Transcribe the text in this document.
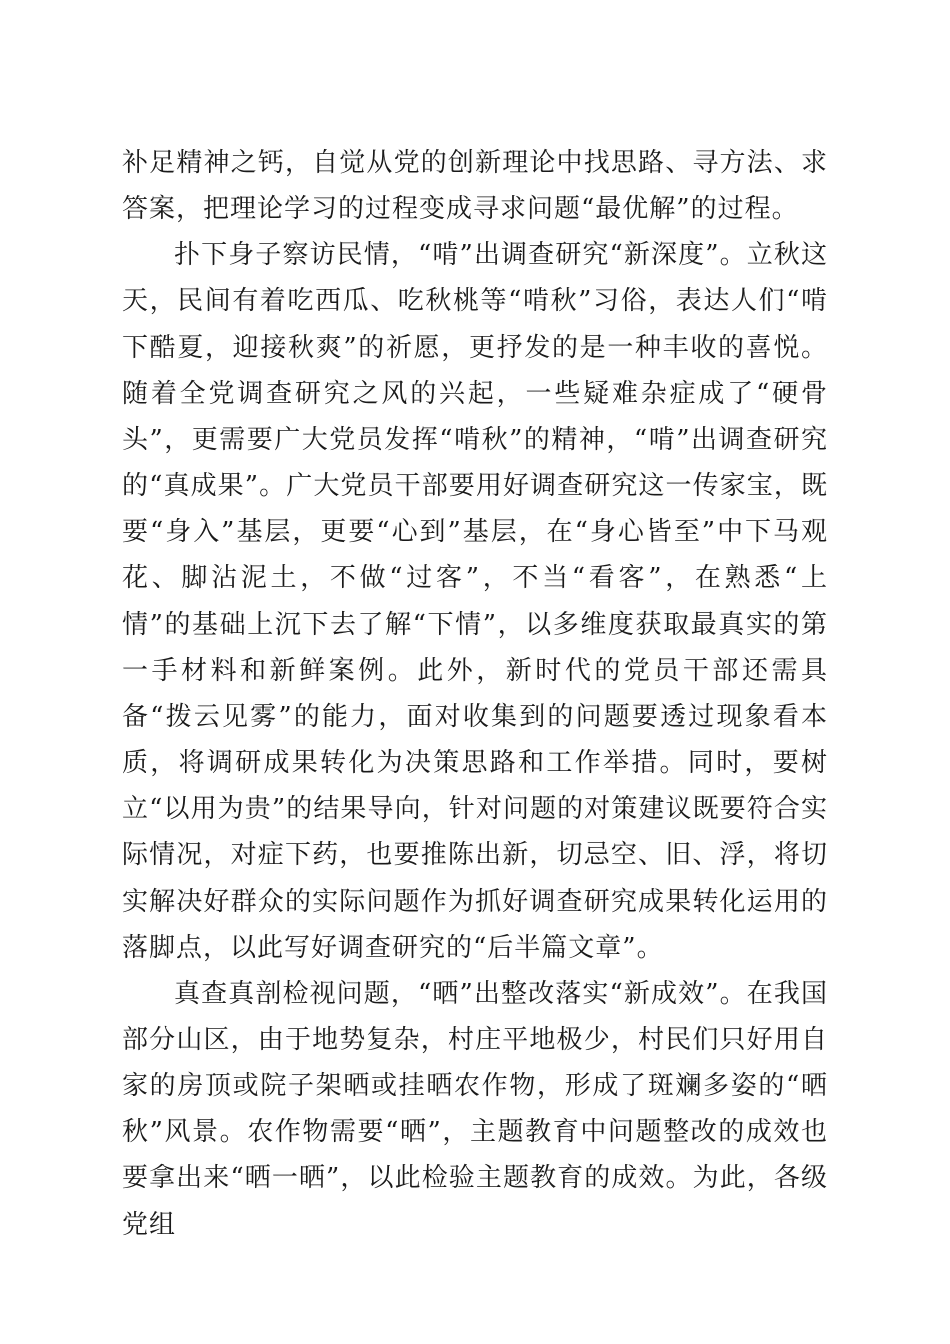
补足精神之钙，自觉从党的创新理论中找思路、寻方法、求答案，把理论学习的过程变成寻求问题“最优解”的过程。

扑下身子察访民情，“啃”出调查研究“新深度”。立秋这天，民间有着吃西瓜、吃秋桃等“啃秋”习俗，表达人们“啃下酷夏，迎接秋爽”的祈愿，更抒发的是一种丰收的喜悦。随着全党调查研究之风的兴起，一些疑难杂症成了“硬骨头”，更需要广大党员发挥“啃秋”的精神，“啃”出调查研究的“真成果”。广大党员干部要用好调查研究这一传家宝，既要“身入”基层，更要“心到”基层，在“身心皆至”中下马观花、脚沾泥土，不做“过客”，不当“看客”，在熟悉“上情”的基础上沉下去了解“下情”，以多维度获取最真实的第一手材料和新鲜案例。此外，新时代的党员干部还需具备“拨云见雾”的能力，面对收集到的问题要透过现象看本质，将调研成果转化为决策思路和工作举措。同时，要树立“以用为贵”的结果导向，针对问题的对策建议既要符合实际情况，对症下药，也要推陈出新，切忌空、旧、浮，将切实解决好群众的实际问题作为抓好调查研究成果转化运用的落脚点，以此写好调查研究的“后半篇文章”。

真查真剖检视问题，“晒”出整改落实“新成效”。在我国部分山区，由于地势复杂，村庄平地极少，村民们只好用自家的房顶或院子架晒或挂晒农作物，形成了斑斓多姿的“晒秋”风景。农作物需要“晒”，主题教育中问题整改的成效也要拿出来“晒一晒”，以此检验主题教育的成效。为此，各级党组
